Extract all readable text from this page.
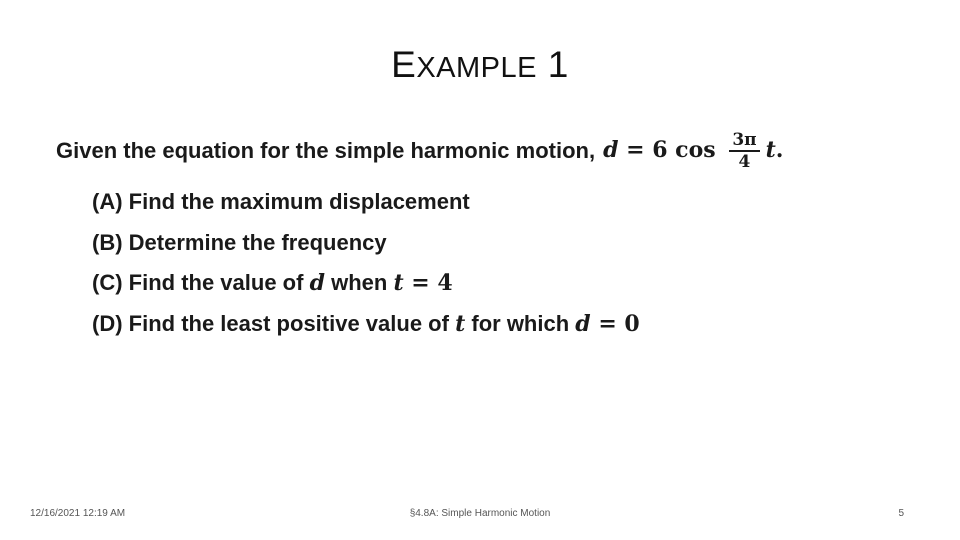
EXAMPLE 1
Given the equation for the simple harmonic motion, d = 6 $\cos \frac{3\pi}{4} t$.
(A) Find the maximum displacement
(B) Determine the frequency
(C) Find the value of d when t = 4
(D) Find the least positive value of t for which d = 0
12/16/2021 12:19 AM	§4.8A: Simple Harmonic Motion	5
